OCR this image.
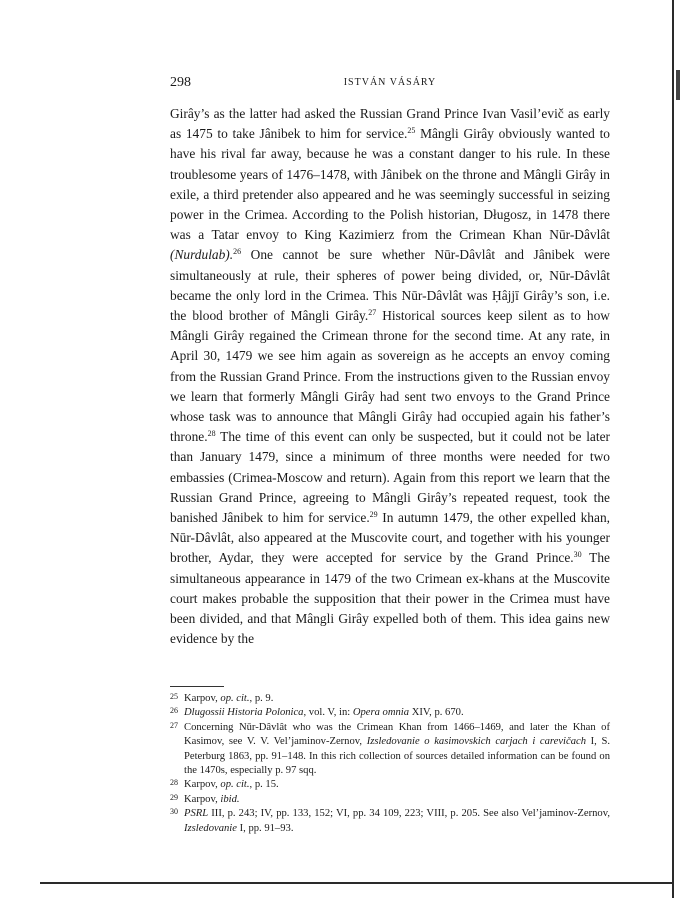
298	ISTVÁN VÁSÁRY

Girây’s as the latter had asked the Russian Grand Prince Ivan Vasil’evič as early as 1475 to take Jânibek to him for service.$^{25}$ Mângli Girây obviously wanted to have his rival far away, because he was a constant danger to his rule. In these troublesome years of 1476–1478, with Jânibek on the throne and Mângli Girây in exile, a third pretender also appeared and he was seemingly successful in seizing power in the Crimea. According to the Polish historian, Długosz, in 1478 there was a Tatar envoy to King Kazimierz from the Crimean Khan Nūr-Dâvlât (Nurdulab).$^{26}$ One cannot be sure whether Nūr-Dâvlât and Jânibek were simultaneously at rule, their spheres of power being divided, or, Nūr-Dâvlât became the only lord in the Crimea. This Nūr-Dâvlât was Ḥâjjī Girây’s son, i.e. the blood brother of Mângli Girây.$^{27}$ Historical sources keep silent as to how Mângli Girây regained the Crimean throne for the second time. At any rate, in April 30, 1479 we see him again as sovereign as he accepts an envoy coming from the Russian Grand Prince. From the instructions given to the Russian envoy we learn that formerly Mângli Girây had sent two envoys to the Grand Prince whose task was to announce that Mângli Girây had occupied again his father’s throne.$^{28}$ The time of this event can only be suspected, but it could not be later than January 1479, since a minimum of three months were needed for two embassies (Crimea-Moscow and return). Again from this report we learn that the Russian Grand Prince, agreeing to Mângli Girây’s repeated request, took the banished Jânibek to him for service.$^{29}$ In autumn 1479, the other expelled khan, Nūr-Dâvlât, also appeared at the Muscovite court, and together with his younger brother, Aydar, they were accepted for service by the Grand Prince.$^{30}$ The simultaneous appearance in 1479 of the two Crimean ex-khans at the Muscovite court makes probable the supposition that their power in the Crimea must have been divided, and that Mângli Girây expelled both of them. This idea gains new evidence by the

25 Karpov, op. cit., p. 9.
26 Dlugossii Historia Polonica, vol. V, in: Opera omnia XIV, p. 670.
27 Concerning Nūr-Dâvlât who was the Crimean Khan from 1466–1469, and later the Khan of Kasimov, see V. V. Vel’jaminov-Zernov, Izsledovanie o kasimovskich carjach i carevičach I, S. Peterburg 1863, pp. 91–148. In this rich collection of sources detailed information can be found on the 1470s, especially p. 97 sqq.
28 Karpov, op. cit., p. 15.
29 Karpov, ibid.
30 PSRL III, p. 243; IV, pp. 133, 152; VI, pp. 34 109, 223; VIII, p. 205. See also Vel’jaminov-Zernov, Izsledovanie I, pp. 91–93.
